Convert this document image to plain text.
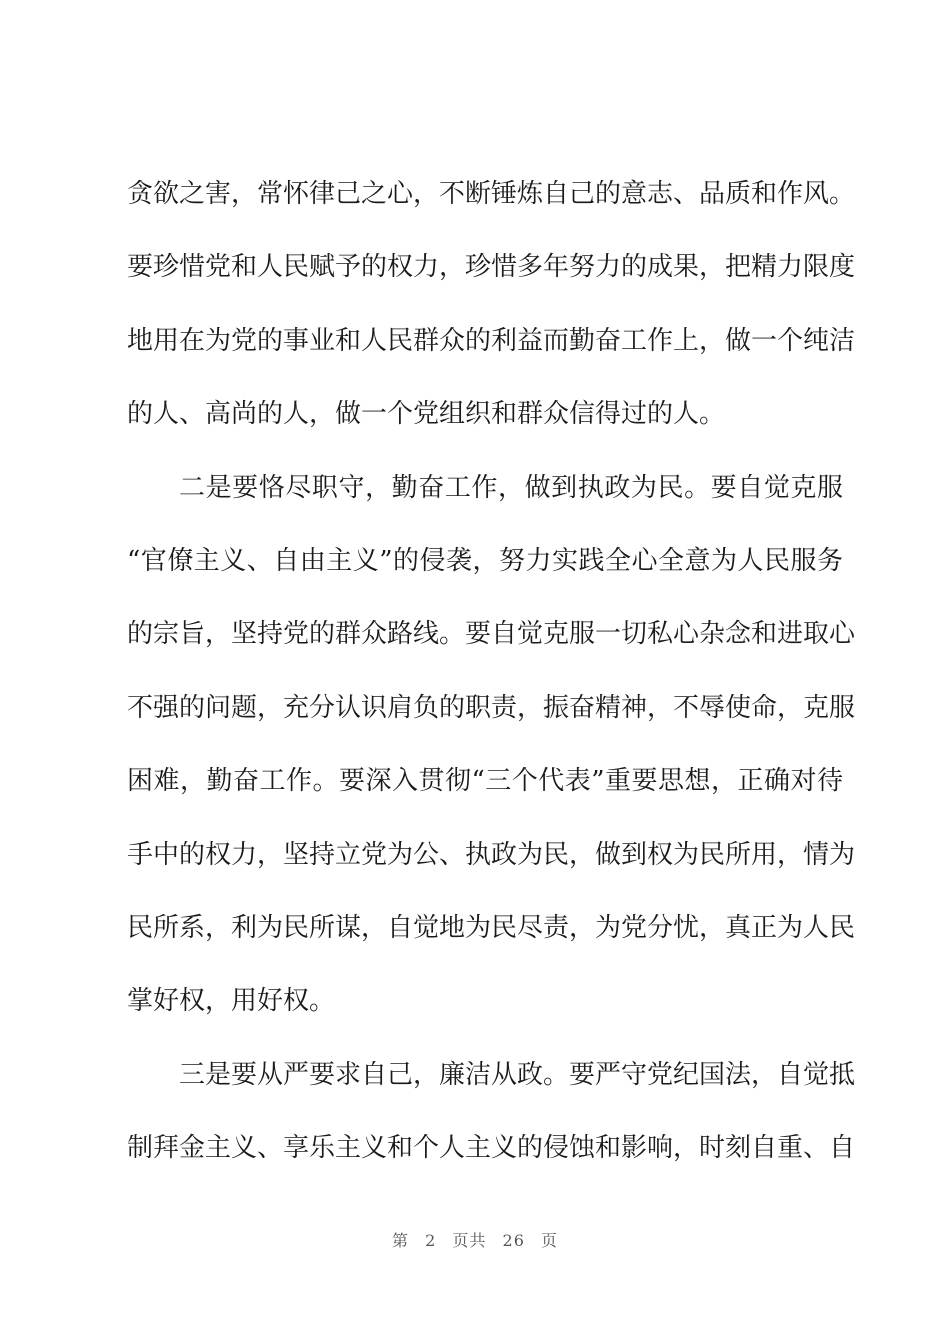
贪欲之害，常怀律己之心，不断锤炼自己的意志、品质和作风。
要珍惜党和人民赋予的权力，珍惜多年努力的成果，把精力限度
地用在为党的事业和人民群众的利益而勤奋工作上，做一个纯洁
的人、高尚的人，做一个党组织和群众信得过的人。
二是要恪尽职守，勤奋工作，做到执政为民。要自觉克服
“官僚主义、自由主义”的侵袭，努力实践全心全意为人民服务
的宗旨，坚持党的群众路线。要自觉克服一切私心杂念和进取心
不强的问题，充分认识肩负的职责，振奋精神，不辱使命，克服
困难，勤奋工作。要深入贯彻“三个代表”重要思想，正确对待
手中的权力，坚持立党为公、执政为民，做到权为民所用，情为
民所系，利为民所谋，自觉地为民尽责，为党分忧，真正为人民
掌好权，用好权。
三是要从严要求自己，廉洁从政。要严守党纪国法，自觉抵
制拜金主义、享乐主义和个人主义的侵蚀和影响，时刻自重、自
第 2 页共 26 页
